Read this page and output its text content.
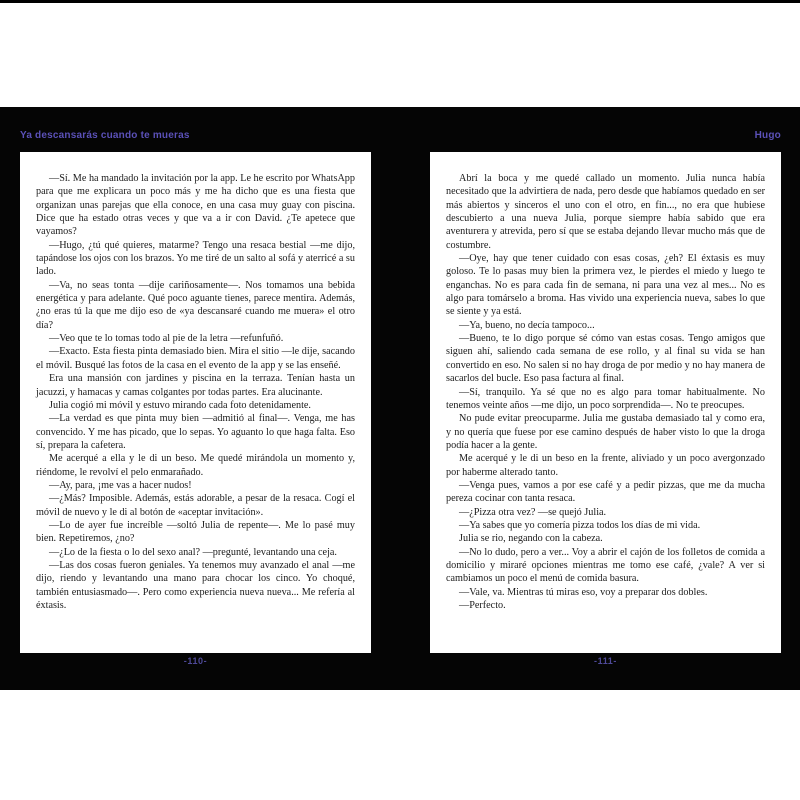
Ya descansarás cuando te mueras	Hugo

—Sí. Me ha mandado la invitación por la app. Le he escrito por WhatsApp para que me explicara un poco más y me ha dicho que es una fiesta que organizan unas parejas que ella conoce, en una casa muy guay con piscina. Dice que ha estado otras veces y que va a ir con David. ¿Te apetece que vayamos?

—Hugo, ¿tú qué quieres, matarme? Tengo una resaca bestial —me dijo, tapándose los ojos con los brazos. Yo me tiré de un salto al sofá y aterricé a su lado.

—Va, no seas tonta —dije cariñosamente—. Nos tomamos una bebida energética y para adelante. Qué poco aguante tienes, parece mentira. Además, ¿no eras tú la que me dijo eso de «ya descansaré cuando me muera» el otro día?

—Veo que te lo tomas todo al pie de la letra —refunfuñó.

—Exacto. Esta fiesta pinta demasiado bien. Mira el sitio —le dije, sacando el móvil. Busqué las fotos de la casa en el evento de la app y se las enseñé.

Era una mansión con jardines y piscina en la terraza. Tenían hasta un jacuzzi, y hamacas y camas colgantes por todas partes. Era alucinante.

Julia cogió mi móvil y estuvo mirando cada foto detenidamente.

—La verdad es que pinta muy bien —admitió al final—. Venga, me has convencido. Y me has picado, que lo sepas. Yo aguanto lo que haga falta. Eso sí, prepara la cafetera.

Me acerqué a ella y le di un beso. Me quedé mirándola un momento y, riéndome, le revolví el pelo enmarañado.

—Ay, para, ¡me vas a hacer nudos!

—¿Más? Imposible. Además, estás adorable, a pesar de la resaca. Cogí el móvil de nuevo y le di al botón de «aceptar invitación».

—Lo de ayer fue increíble —soltó Julia de repente—. Me lo pasé muy bien. Repetiremos, ¿no?

—¿Lo de la fiesta o lo del sexo anal? —pregunté, levantando una ceja.

—Las dos cosas fueron geniales. Ya tenemos muy avanzado el anal —me dijo, riendo y levantando una mano para chocar los cinco. Yo choqué, también entusiasmado—. Pero como experiencia nueva nueva... Me refería al éxtasis.

Abrí la boca y me quedé callado un momento. Julia nunca había necesitado que la advirtiera de nada, pero desde que habíamos quedado en ser más abiertos y sinceros el uno con el otro, en fin..., no era que hubiese descubierto a una nueva Julia, porque siempre había sabido que era aventurera y atrevida, pero sí que se estaba dejando llevar mucho más que de costumbre.

—Oye, hay que tener cuidado con esas cosas, ¿eh? El éxtasis es muy goloso. Te lo pasas muy bien la primera vez, le pierdes el miedo y luego te enganchas. No es para cada fin de semana, ni para una vez al mes... No es algo para tomárselo a broma. Has vivido una experiencia nueva, sabes lo que se siente y ya está.

—Ya, bueno, no decía tampoco...

—Bueno, te lo digo porque sé cómo van estas cosas. Tengo amigos que siguen ahí, saliendo cada semana de ese rollo, y al final su vida se han convertido en eso. No salen si no hay droga de por medio y no hay manera de sacarlos del bucle. Eso pasa factura al final.

—Sí, tranquilo. Ya sé que no es algo para tomar habitualmente. No tenemos veinte años —me dijo, un poco sorprendida—. No te preocupes.

No pude evitar preocuparme. Julia me gustaba demasiado tal y como era, y no quería que fuese por ese camino después de haber visto lo que la droga podía hacer a la gente.

Me acerqué y le di un beso en la frente, aliviado y un poco avergonzado por haberme alterado tanto.

—Venga pues, vamos a por ese café y a pedir pizzas, que me da mucha pereza cocinar con tanta resaca.

—¿Pizza otra vez? —se quejó Julia.

—Ya sabes que yo comería pizza todos los días de mi vida.

Julia se rio, negando con la cabeza.

—No lo dudo, pero a ver... Voy a abrir el cajón de los folletos de comida a domicilio y miraré opciones mientras me tomo ese café, ¿vale? A ver si cambiamos un poco el menú de comida basura.

—Vale, va. Mientras tú miras eso, voy a preparar dos dobles.

—Perfecto.

-110-	-111-
